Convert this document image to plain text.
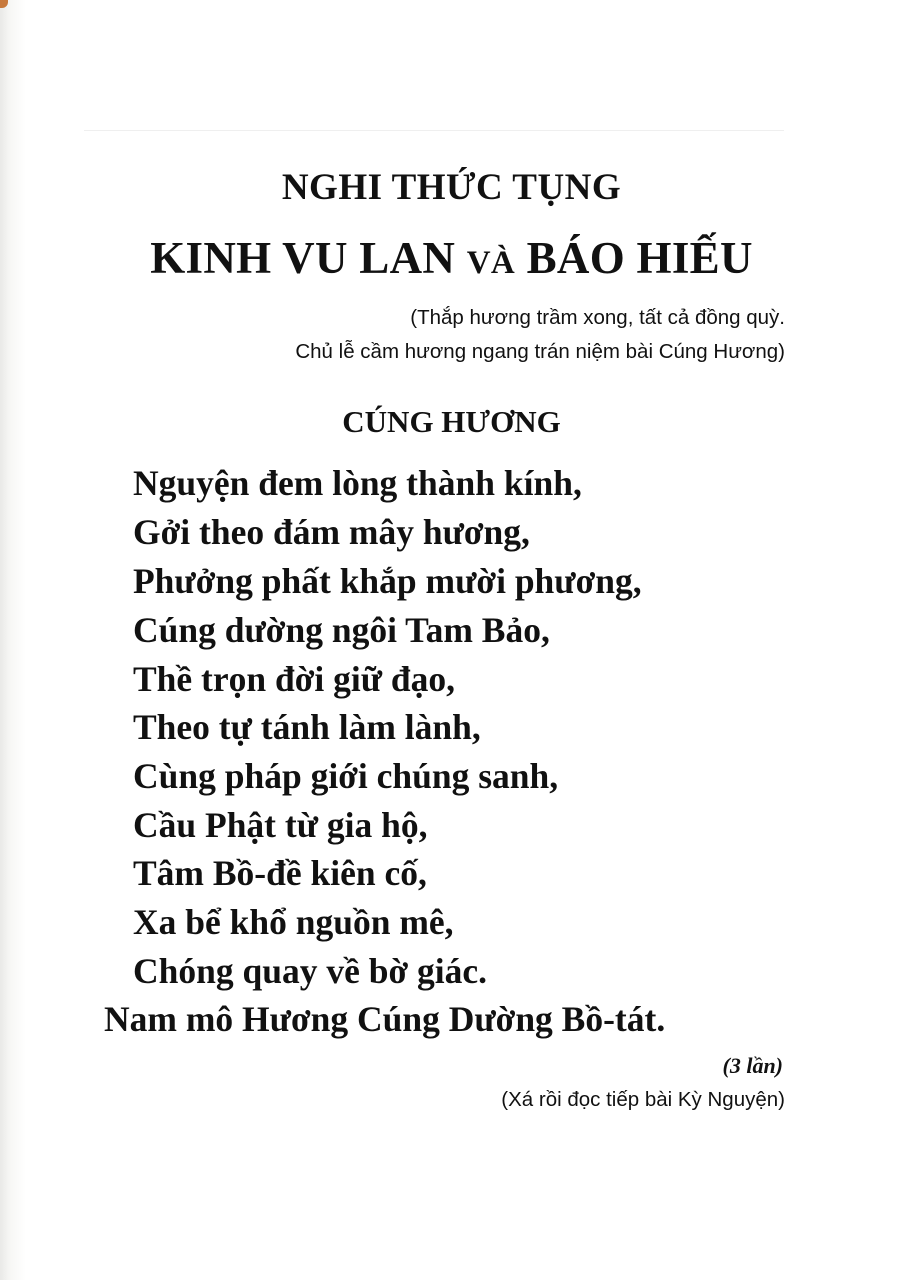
NGHI THỨC TỤNG
KINH VU LAN VÀ BÁO HIẾU

(Thắp hương trầm xong, tất cả đồng quỳ.

Chủ lễ cầm hương ngang trán niệm bài Cúng Hương)

CÚNG HƯƠNG

Nguyện đem lòng thành kính,

Gởi theo đám mây hương,

Phưởng phất khắp mười phương,

Cúng dường ngôi Tam Bảo,

Thề trọn đời giữ đạo,

Theo tự tánh làm lành,

Cùng pháp giới chúng sanh,

Cầu Phật từ gia hộ,

Tâm Bồ-đề kiên cố,

Xa bể khổ nguồn mê,

Chóng quay về bờ giác.

Nam mô Hương Cúng Dường Bồ-tát.

(3 lần)

(Xá rồi đọc tiếp bài Kỳ Nguyện)
